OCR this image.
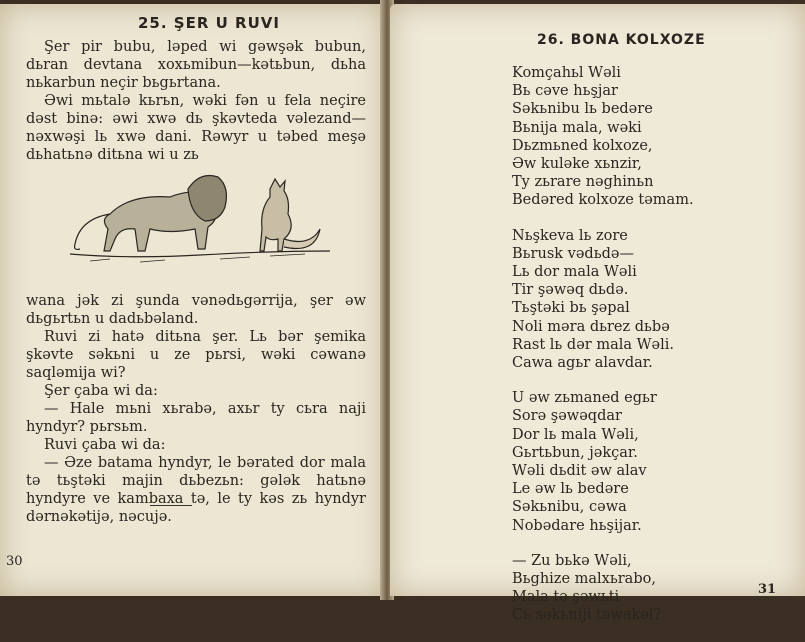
25. ŞER U RUVI

Şer pir bubu, ləped wi gəwşək bubun, dьran devtana xoxьmibun—kətьbun, dьha nьkarbun neçir bьgьrtana.

Əwi mьtalə kьrьn, wəki fən u fela neçire dəst binə: əwi xwə dь şkəvteda vəlezand—nəxwəşi lь xwə dani. Rəwyr u təbed meşə dьhatьnə ditьna wi u zь

wana jək zi şunda vənədьgərrija, şer əw dьgьrtьn u dadьbəland.

Ruvi zi hatə ditьna şer. Lь bər şemika şkəvte səkьni u ze pьrsi, wəki cəwanə saqləmija wi?

Şer çaba wi da:

— Hale mьni xьrabə, axьr ty cьra naji hyndyr? pьrsьm.

Ruvi çaba wi da:

— Əze batama hyndyr, le bərated dor mala tə tьştəki majin dьbezьn: gələk hatьnə hyndyre ve kambaxa tə, le ty kəs zь hyndyr dərnəkətijə, nəcujə.

30
26. BONA KOLXOZE
Komçahьl Wəli
Bь cəve hьşjar
Səkьnibu lь bedəre
Bьnija mala, wəki
Dьzmьned kolxoze,
Əw kuləke xьnzir,
Ty zьrare nəghinьn
Bedəred kolxoze təmam.
Nьşkeva lь zore
Bьrusk vədьdə—
Lь dor mala Wəli
Tir şəwəq dьdə.
Tьştəki bь şəpal
Noli məra dьrez dьbə
Rast lь dər mala Wəli.
Cawa agьr alavdar.
U əw zьmaned egьr
Sorə şəwəqdar
Dor lь mala Wəli,
Gьrtьbun, jəkçar.
Wəli dьdit əw alav
Le əw lь bedəre
Səkьnibu, cəwa
Nobədare hьşijar.
— Zu bьkə Wəli,
Bьghize malxьrabo,
Mala tə şəwьti
Cь səkьniji təwakəl?
31
